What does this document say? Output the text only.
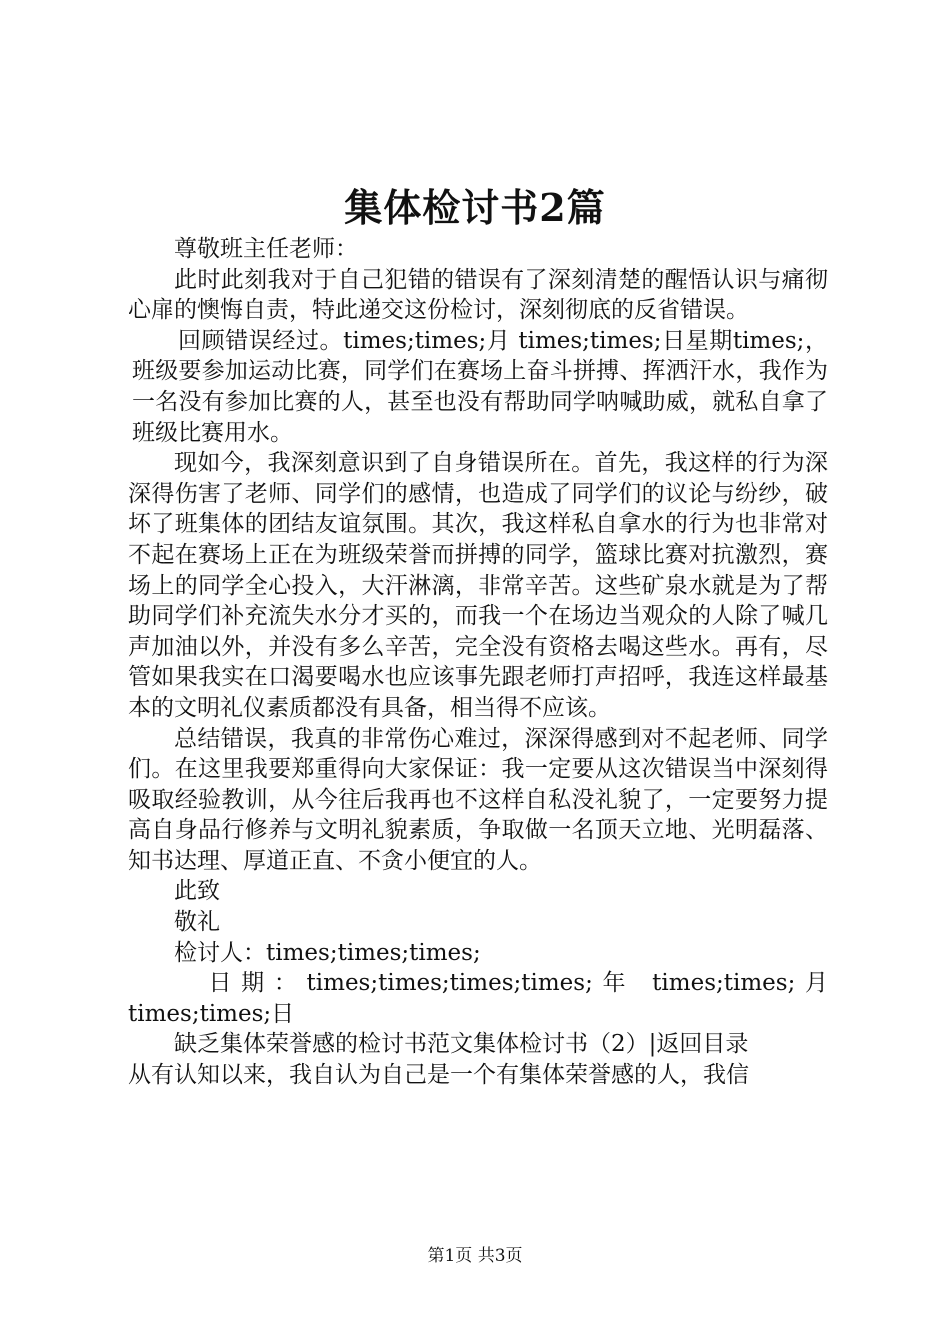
集体检讨书2篇

尊敬班主任老师：

此时此刻我对于自己犯错的错误有了深刻清楚的醒悟认识与痛彻心扉的懊悔自责，特此递交这份检讨，深刻彻底的反省错误。

回顾错误经过。times;times;月 times;times;日星期times;，班级要参加运动比赛，同学们在赛场上奋斗拼搏、挥洒汗水，我作为一名没有参加比赛的人，甚至也没有帮助同学呐喊助威，就私自拿了班级比赛用水。

现如今，我深刻意识到了自身错误所在。首先，我这样的行为深深得伤害了老师、同学们的感情，也造成了同学们的议论与纷纱，破坏了班集体的团结友谊氛围。其次，我这样私自拿水的行为也非常对不起在赛场上正在为班级荣誉而拼搏的同学，篮球比赛对抗激烈，赛场上的同学全心投入，大汗淋漓，非常辛苦。这些矿泉水就是为了帮助同学们补充流失水分才买的，而我一个在场边当观众的人除了喊几声加油以外，并没有多么辛苦，完全没有资格去喝这些水。再有，尽管如果我实在口渴要喝水也应该事先跟老师打声招呼，我连这样最基本的文明礼仪素质都没有具备，相当得不应该。

总结错误，我真的非常伤心难过，深深得感到对不起老师、同学们。在这里我要郑重得向大家保证：我一定要从这次错误当中深刻得吸取经验教训，从今往后我再也不这样自私没礼貌了，一定要努力提高自身品行修养与文明礼貌素质，争取做一名顶天立地、光明磊落、知书达理、厚道正直、不贪小便宜的人。

此致

敬礼

检讨人：times;times;times;

日期：times;times;times;times;年 times;times;月times;times;日

缺乏集体荣誉感的检讨书范文集体检讨书（2）|返回目录

从有认知以来，我自认为自己是一个有集体荣誉感的人，我信

第1页 共3页
